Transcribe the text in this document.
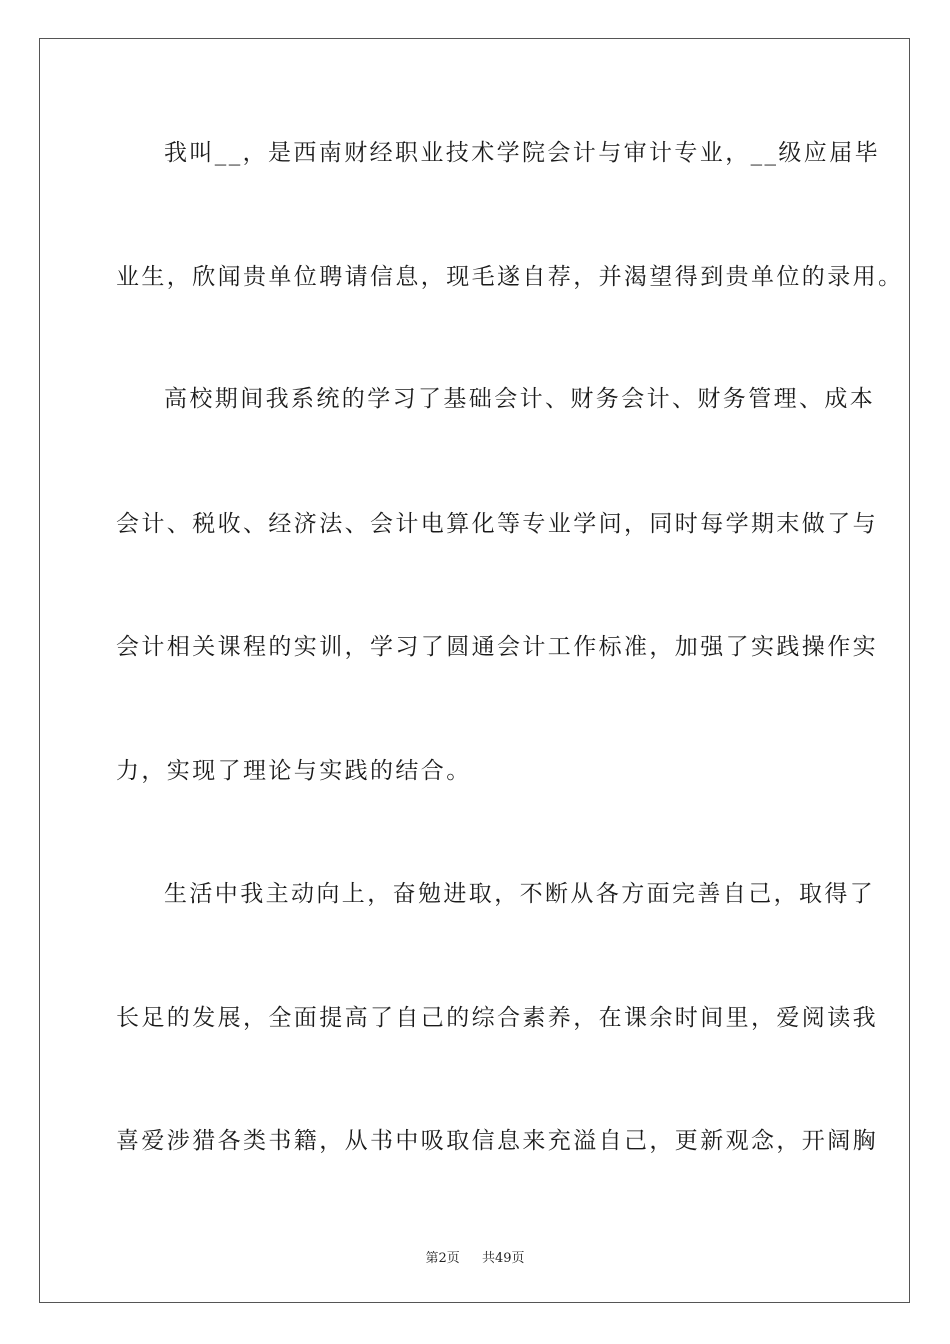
我叫__，是西南财经职业技术学院会计与审计专业，__级应届毕
业生，欣闻贵单位聘请信息，现毛遂自荐，并渴望得到贵单位的录用。
高校期间我系统的学习了基础会计、财务会计、财务管理、成本
会计、税收、经济法、会计电算化等专业学问，同时每学期末做了与
会计相关课程的实训，学习了圆通会计工作标准，加强了实践操作实
力，实现了理论与实践的结合。
生活中我主动向上，奋勉进取，不断从各方面完善自己，取得了
长足的发展，全面提高了自己的综合素养，在课余时间里，爱阅读我
喜爱涉猎各类书籍，从书中吸取信息来充溢自己，更新观念，开阔胸
第2页 共49页
